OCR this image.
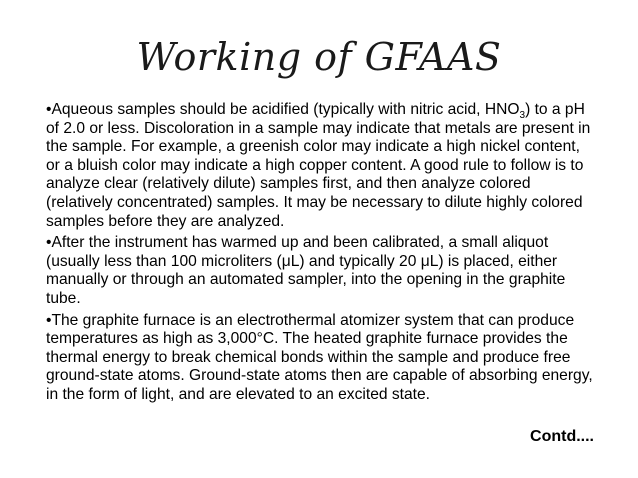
Working of GFAAS

•Aqueous samples should be acidified (typically with nitric acid, $HNO_3$) to a pH of 2.0 or less. Discoloration in a sample may indicate that metals are present in the sample. For example, a greenish color may indicate a high nickel content, or a bluish color may indicate a high copper content. A good rule to follow is to analyze clear (relatively dilute) samples first, and then analyze colored (relatively concentrated) samples. It may be necessary to dilute highly colored samples before they are analyzed.

•After the instrument has warmed up and been calibrated, a small aliquot (usually less than 100 microliters (μL) and typically 20 μL) is placed, either manually or through an automated sampler, into the opening in the graphite tube.

•The graphite furnace is an electrothermal atomizer system that can produce temperatures as high as 3,000°C. The heated graphite furnace provides the thermal energy to break chemical bonds within the sample and produce free ground-state atoms. Ground-state atoms then are capable of absorbing energy, in the form of light, and are elevated to an excited state.

Contd....
